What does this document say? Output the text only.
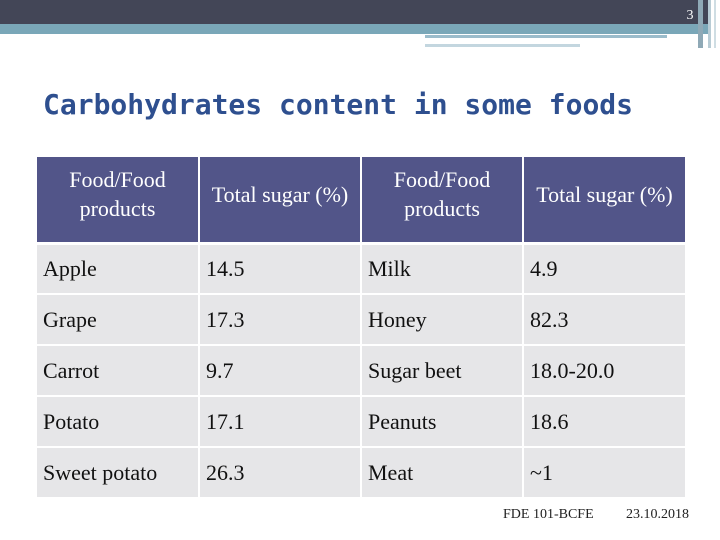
3
Carbohydrates content in some foods
Food/Food products	Total sugar (%)	Food/Food products	Total sugar (%)
Apple	14.5	Milk	4.9
Grape	17.3	Honey	82.3
Carrot	9.7	Sugar beet	18.0-20.0
Potato	17.1	Peanuts	18.6
Sweet potato	26.3	Meat	~1
FDE 101-BCFE	23.10.2018
